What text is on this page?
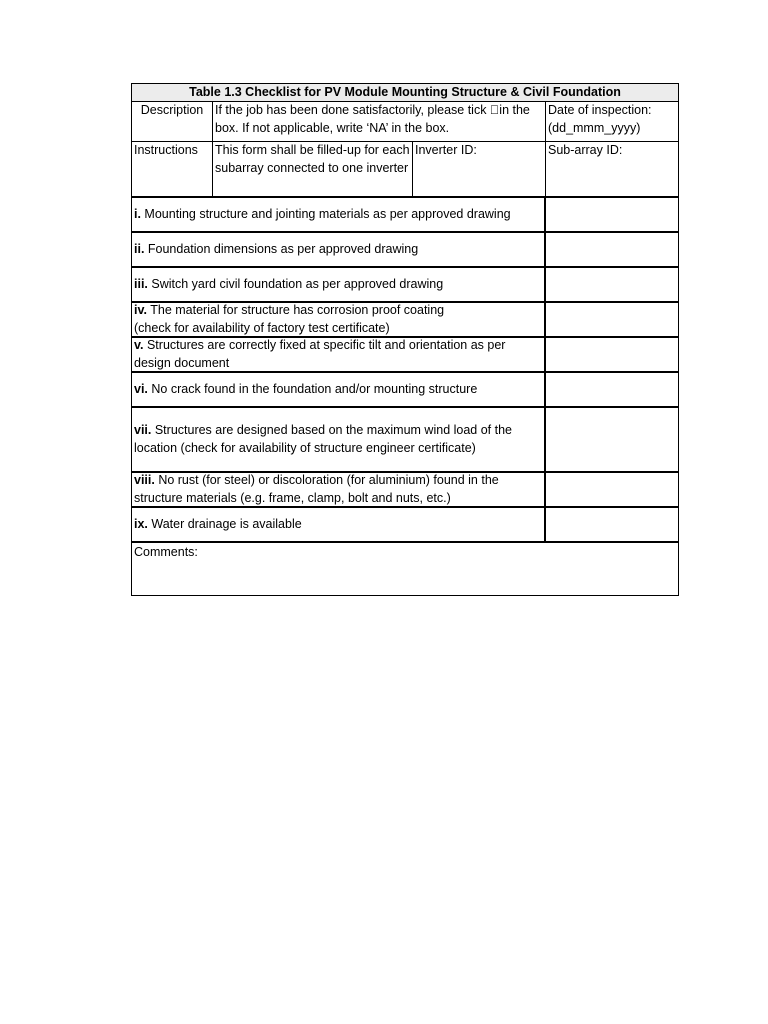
Table 1.3 Checklist for PV Module Mounting Structure & Civil Foundation
Description If the job has been done satisfactorily, please tick in the box. If not applicable, write ‘NA’ in the box.
Date of inspection:
(dd_mmm_yyyy)
Instructions	This form shall be filled-up for each subarray connected to one inverter
Inverter ID:	Sub-array ID:
i. Mounting structure and jointing materials as per approved drawing
ii. Foundation dimensions as per approved drawing
iii. Switch yard civil foundation as per approved drawing
iv. The material for structure has corrosion proof coating
(check for availability of factory test certificate)
v. Structures are correctly fixed at specific tilt and orientation as per design document
vi. No crack found in the foundation and/or mounting structure
vii. Structures are designed based on the maximum wind load of the location (check for availability of structure engineer certificate)
viii. No rust (for steel) or discoloration (for aluminium) found in the structure materials (e.g. frame, clamp, bolt and nuts, etc.)
ix. Water drainage is available
Comments:
